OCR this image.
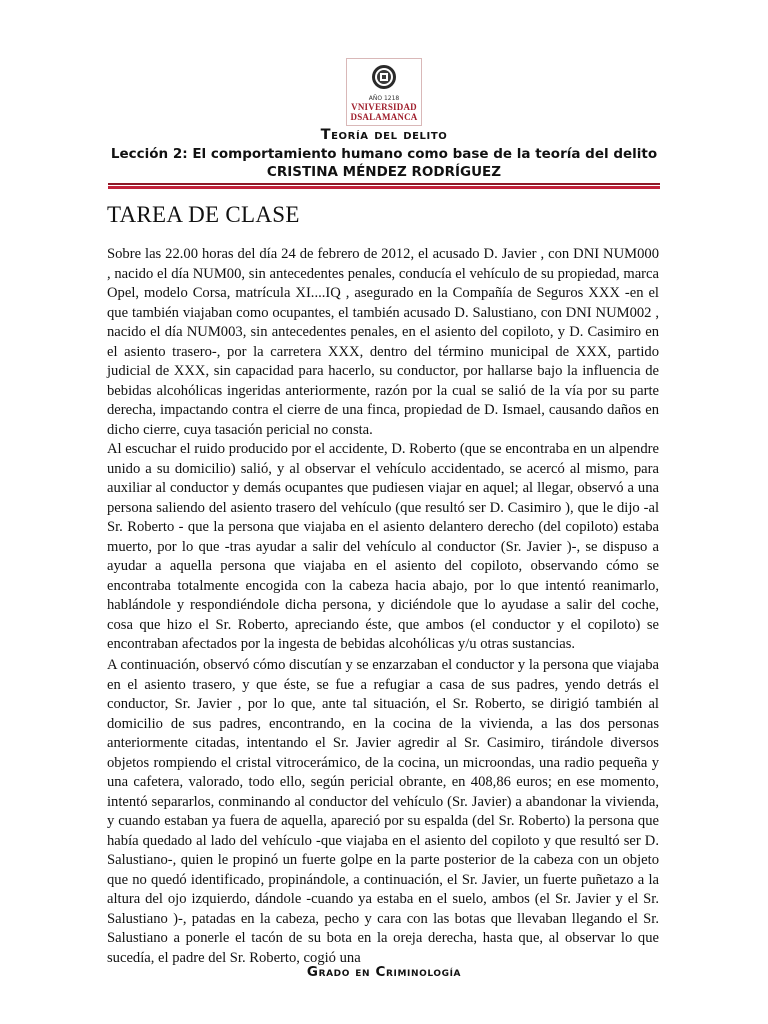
AÑO 1218
VNIVERSIDAD
DSALAMANCA
Teoría del delito
Lección 2: El comportamiento humano como base de la teoría del delito
CRISTINA MÉNDEZ RODRÍGUEZ
TAREA DE CLASE

Sobre las 22.00 horas del día 24 de febrero de 2012, el acusado D. Javier , con DNI NUM000 , nacido el día NUM00, sin antecedentes penales, conducía el vehículo de su propiedad, marca Opel, modelo Corsa, matrícula XI....IQ , asegurado en la Compañía de Seguros XXX -en el que también viajaban como ocupantes, el también acusado D. Salustiano, con DNI NUM002 , nacido el día NUM003, sin antecedentes penales, en el asiento del copiloto, y D. Casimiro en el asiento trasero-, por la carretera XXX, dentro del término municipal de XXX, partido judicial de XXX, sin capacidad para hacerlo, su conductor, por hallarse bajo la influencia de bebidas alcohólicas ingeridas anteriormente, razón por la cual se salió de la vía por su parte derecha, impactando contra el cierre de una finca, propiedad de D. Ismael, causando daños en dicho cierre, cuya tasación pericial no consta.

Al escuchar el ruido producido por el accidente, D. Roberto (que se encontraba en un alpendre unido a su domicilio) salió, y al observar el vehículo accidentado, se acercó al mismo, para auxiliar al conductor y demás ocupantes que pudiesen viajar en aquel; al llegar, observó a una persona saliendo del asiento trasero del vehículo (que resultó ser D. Casimiro ), que le dijo -al Sr. Roberto - que la persona que viajaba en el asiento delantero derecho (del copiloto) estaba muerto, por lo que -tras ayudar a salir del vehículo al conductor (Sr. Javier )-, se dispuso a ayudar a aquella persona que viajaba en el asiento del copiloto, observando cómo se encontraba totalmente encogida con la cabeza hacia abajo, por lo que intentó reanimarlo, hablándole y respondiéndole dicha persona, y diciéndole que lo ayudase a salir del coche, cosa que hizo el Sr. Roberto, apreciando éste, que ambos (el conductor y el copiloto) se encontraban afectados por la ingesta de bebidas alcohólicas y/u otras sustancias.

A continuación, observó cómo discutían y se enzarzaban el conductor y la persona que viajaba en el asiento trasero, y que éste, se fue a refugiar a casa de sus padres, yendo detrás el conductor, Sr. Javier , por lo que, ante tal situación, el Sr. Roberto, se dirigió también al domicilio de sus padres, encontrando, en la cocina de la vivienda, a las dos personas anteriormente citadas, intentando el Sr. Javier agredir al Sr. Casimiro, tirándole diversos objetos rompiendo el cristal vitrocerámico, de la cocina, un microondas, una radio pequeña y una cafetera, valorado, todo ello, según pericial obrante, en 408,86 euros; en ese momento, intentó separarlos, conminando al conductor del vehículo (Sr. Javier) a abandonar la vivienda, y cuando estaban ya fuera de aquella, apareció por su espalda (del Sr. Roberto) la persona que había quedado al lado del vehículo -que viajaba en el asiento del copiloto y que resultó ser D. Salustiano-, quien le propinó un fuerte golpe en la parte posterior de la cabeza con un objeto que no quedó identificado, propinándole, a continuación, el Sr. Javier, un fuerte puñetazo a la altura del ojo izquierdo, dándole -cuando ya estaba en el suelo, ambos (el Sr. Javier y el Sr. Salustiano )-, patadas en la cabeza, pecho y cara con las botas que llevaban llegando el Sr. Salustiano a ponerle el tacón de su bota en la oreja derecha, hasta que, al observar lo que sucedía, el padre del Sr. Roberto, cogió una

Grado en Criminología
